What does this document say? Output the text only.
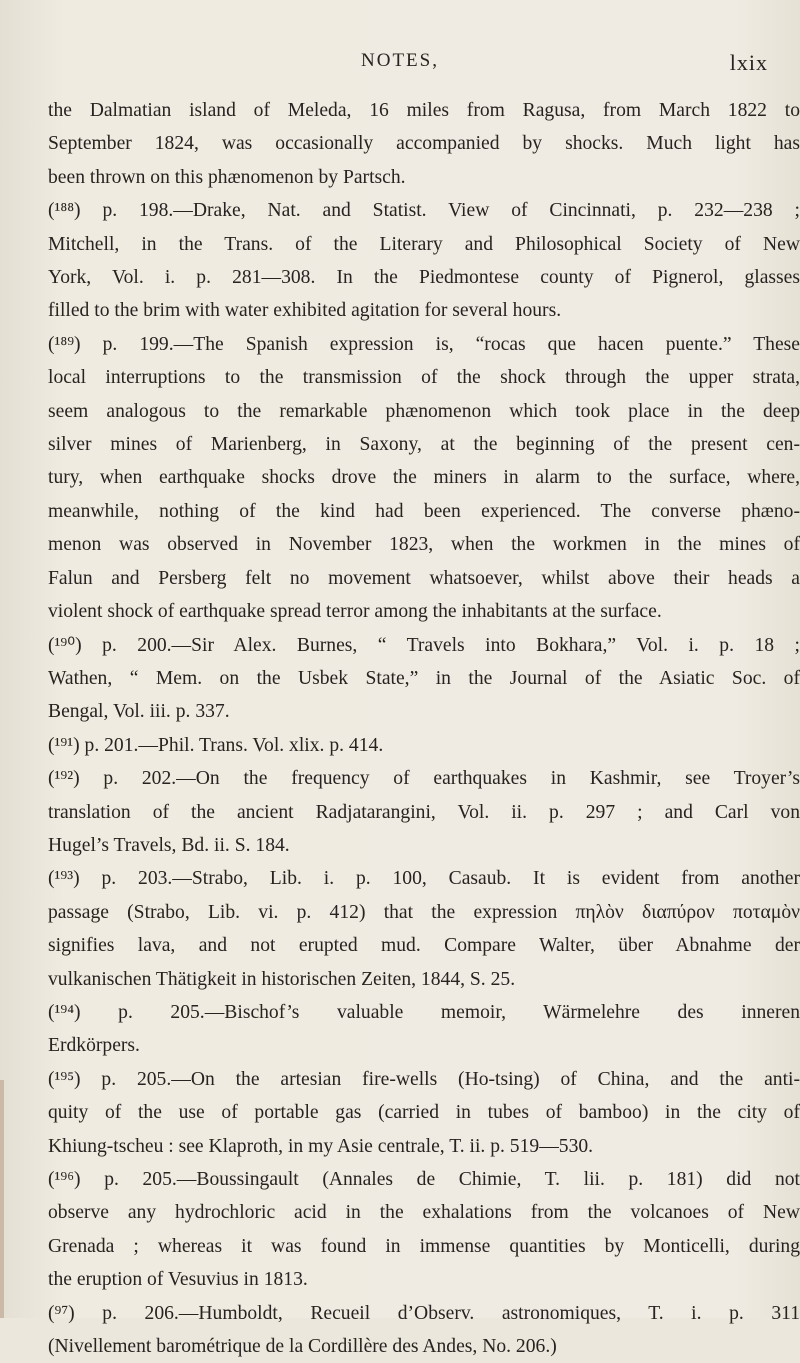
NOTES,	lxix

the Dalmatian island of Meleda, 16 miles from Ragusa, from March 1822 to
September 1824, was occasionally accompanied by shocks. Much light has
been thrown on this phænomenon by Partsch.

(¹⁸⁸) p. 198.—Drake, Nat. and Statist. View of Cincinnati, p. 232—238 ;
Mitchell, in the Trans. of the Literary and Philosophical Society of New
York, Vol. i. p. 281—308. In the Piedmontese county of Pignerol, glasses
filled to the brim with water exhibited agitation for several hours.

(¹⁸⁹) p. 199.—The Spanish expression is, “rocas que hacen puente.” These
local interruptions to the transmission of the shock through the upper strata,
seem analogous to the remarkable phænomenon which took place in the deep
silver mines of Marienberg, in Saxony, at the beginning of the present cen-
tury, when earthquake shocks drove the miners in alarm to the surface, where,
meanwhile, nothing of the kind had been experienced. The converse phæno-
menon was observed in November 1823, when the workmen in the mines of
Falun and Persberg felt no movement whatsoever, whilst above their heads a
violent shock of earthquake spread terror among the inhabitants at the surface.

(¹⁹⁰) p. 200.—Sir Alex. Burnes, “ Travels into Bokhara,” Vol. i. p. 18 ;
Wathen, “ Mem. on the Usbek State,” in the Journal of the Asiatic Soc. of
Bengal, Vol. iii. p. 337.

(¹⁹¹) p. 201.—Phil. Trans. Vol. xlix. p. 414.

(¹⁹²) p. 202.—On the frequency of earthquakes in Kashmir, see Troyer’s
translation of the ancient Radjatarangini, Vol. ii. p. 297 ; and Carl von
Hugel’s Travels, Bd. ii. S. 184.

(¹⁹³) p. 203.—Strabo, Lib. i. p. 100, Casaub. It is evident from another
passage (Strabo, Lib. vi. p. 412) that the expression πηλὸν διαπύρον ποταμὸν
signifies lava, and not erupted mud. Compare Walter, über Abnahme der
vulkanischen Thätigkeit in historischen Zeiten, 1844, S. 25.

(¹⁹⁴) p. 205.—Bischof’s valuable memoir, Wärmelehre des inneren
Erdkörpers.

(¹⁹⁵) p. 205.—On the artesian fire-wells (Ho-tsing) of China, and the anti-
quity of the use of portable gas (carried in tubes of bamboo) in the city of
Khiung-tscheu : see Klaproth, in my Asie centrale, T. ii. p. 519—530.

(¹⁹⁶) p. 205.—Boussingault (Annales de Chimie, T. lii. p. 181) did not
observe any hydrochloric acid in the exhalations from the volcanoes of New
Grenada ; whereas it was found in immense quantities by Monticelli, during
the eruption of Vesuvius in 1813.

(⁹⁷) p. 206.—Humboldt, Recueil d’Observ. astronomiques, T. i. p. 311
(Nivellement barométrique de la Cordillère des Andes, No. 206.)
